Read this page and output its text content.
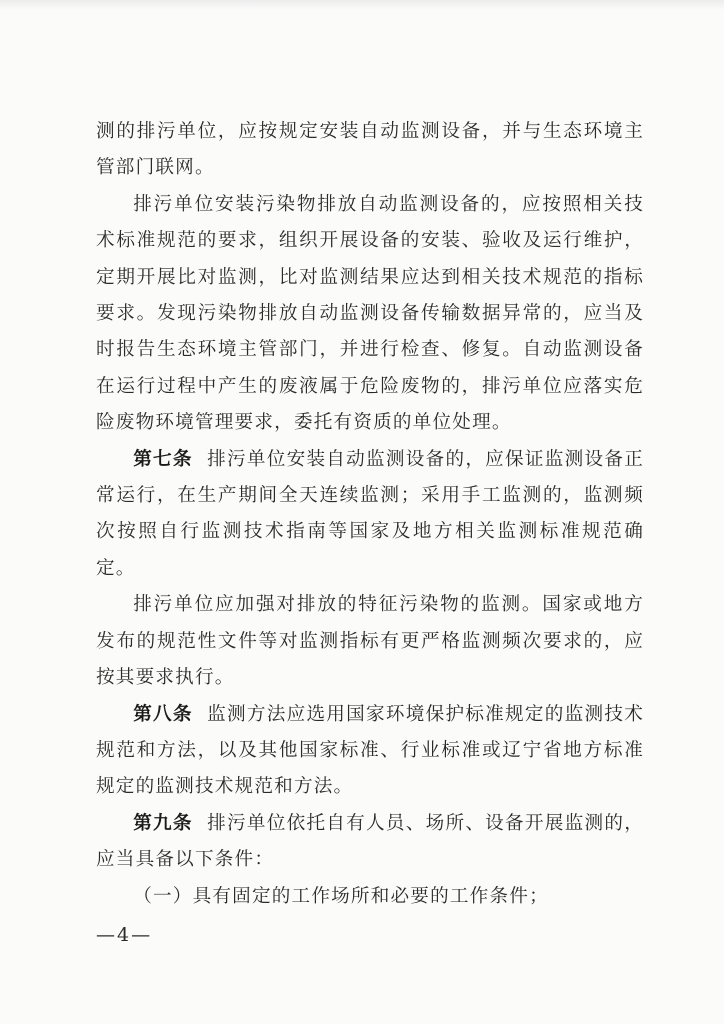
测的排污单位，应按规定安装自动监测设备，并与生态环境主管部门联网。

排污单位安装污染物排放自动监测设备的，应按照相关技术标准规范的要求，组织开展设备的安装、验收及运行维护，定期开展比对监测，比对监测结果应达到相关技术规范的指标要求。发现污染物排放自动监测设备传输数据异常的，应当及时报告生态环境主管部门，并进行检查、修复。自动监测设备在运行过程中产生的废液属于危险废物的，排污单位应落实危险废物环境管理要求，委托有资质的单位处理。

第七条 排污单位安装自动监测设备的，应保证监测设备正常运行，在生产期间全天连续监测；采用手工监测的，监测频次按照自行监测技术指南等国家及地方相关监测标准规范确定。

排污单位应加强对排放的特征污染物的监测。国家或地方发布的规范性文件等对监测指标有更严格监测频次要求的，应按其要求执行。

第八条 监测方法应选用国家环境保护标准规定的监测技术规范和方法，以及其他国家标准、行业标准或辽宁省地方标准规定的监测技术规范和方法。

第九条 排污单位依托自有人员、场所、设备开展监测的，应当具备以下条件：

（一）具有固定的工作场所和必要的工作条件；

—4—
